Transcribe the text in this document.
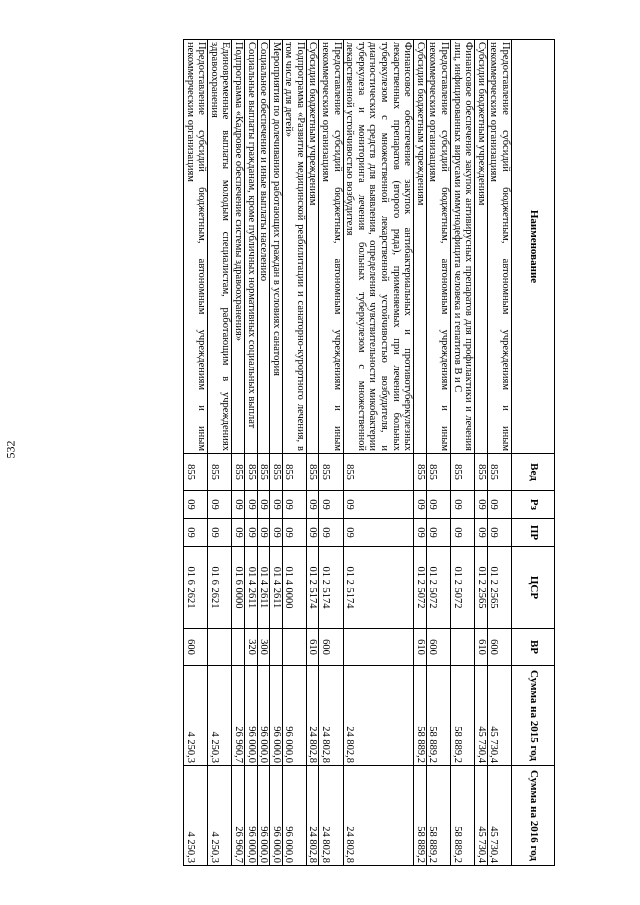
532
Наименование	Вед	Рз	ПР	ЦСР	ВР	Сумма на 2015 год	Сумма на 2016 год
Предоставление субсидий бюджетным, автономным учреждениям и иным некоммерческим организациям	855	09	09	01 2 2565	600	45 730,4	45 730,4
Субсидии бюджетным учреждениям	855	09	09	01 2 2565	610	45 730,4	45 730,4
Финансовое обеспечение закупок антивирусных препаратов для профилактики и лечения лиц, инфицированных вирусами иммунодефицита человека и гепатитов В и С	855	09	09	01 2 5072		58 889,2	58 889,2
Предоставление субсидий бюджетным, автономным учреждениям и иным некоммерческим организациям	855	09	09	01 2 5072	600	58 889,2	58 889,2
Субсидии бюджетным учреждениям	855	09	09	01 2 5072	610	58 889,2	58 889,2
Финансовое обеспечение закупок антибактериальных и противотуберкулезных лекарственных препаратов (второго ряда), применяемых при лечении больных туберкулезом с множественной лекарственной устойчивостью возбудителя, и диагностических средств для выявления, определения чувствительности микобактерии туберкулеза и мониторинга лечения больных туберкулезом с множественной лекарственной устойчивостью возбудителя	855	09	09	01 2 5174		24 802,8	24 802,8
Предоставление субсидий бюджетным, автономным учреждениям и иным некоммерческим организациям	855	09	09	01 2 5174	600	24 802,8	24 802,8
Субсидии бюджетным учреждениям	855	09	09	01 2 5174	610	24 802,8	24 802,8
Подпрограмма «Развитие медицинской реабилитации и санаторно-курортного лечения, в том числе для детей»	855	09	09	01 4 0000		96 000,0	96 000,0
Мероприятия по долечиванию работающих граждан в условиях санатория	855	09	09	01 4 2611		96 000,0	96 000,0
Социальное обеспечение и иные выплаты населению	855	09	09	01 4 2611	300	96 000,0	96 000,0
Социальные выплаты гражданам, кроме публичных нормативных социальных выплат	855	09	09	01 4 2611	320	96 000,0	96 000,0
Подпрограмма «Кадровое обеспечение системы здравоохранения»	855	09	09	01 6 0000		26 960,7	26 960,7
Единовременные выплаты молодым специалистам, работающим в учреждениях здравоохранения	855	09	09	01 6 2621		4 250,3	4 250,3
Предоставление субсидий бюджетным, автономным учреждениям и иным некоммерческим организациям	855	09	09	01 6 2621	600	4 250,3	4 250,3
